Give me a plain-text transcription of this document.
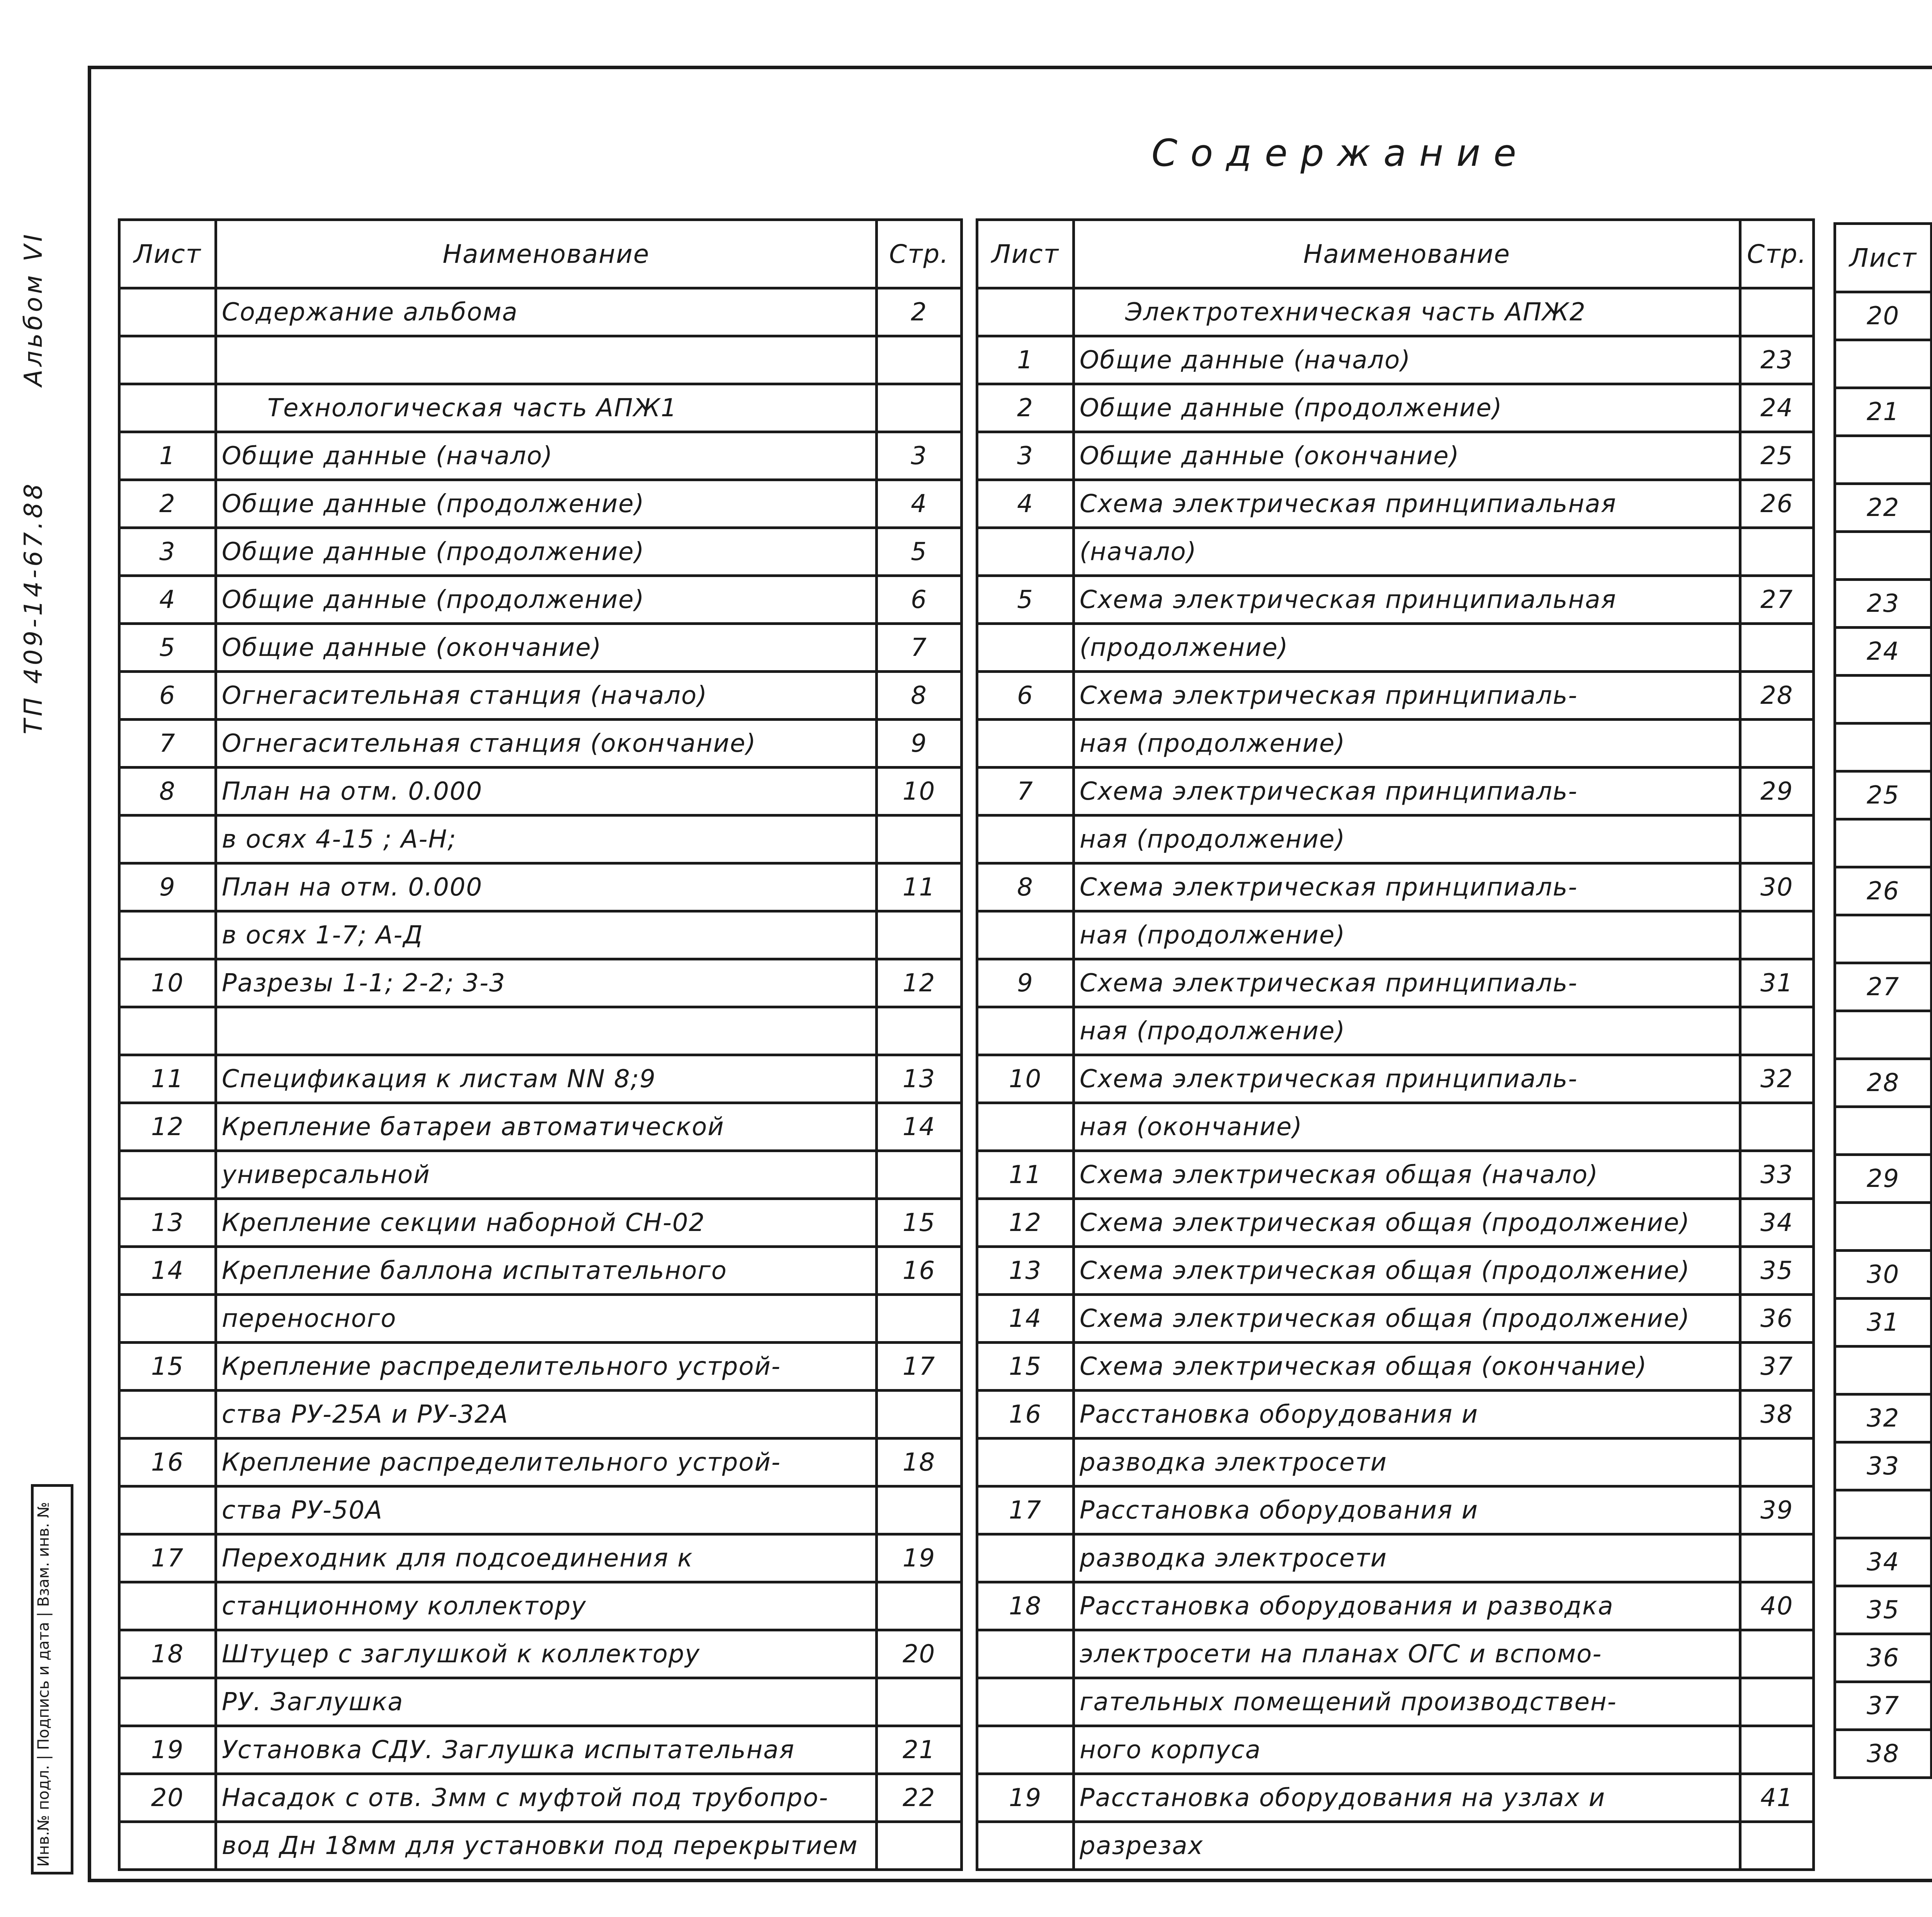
Содержание
Альбом VI
ТП 409-14-67.88
Инв.№ подл. | Подпись и дата | Взам. инв. №
Лист	Наименование	Стр.
	Содержание альбома	2

	Технологическая часть АПЖ1	
1	Общие данные (начало)	3
2	Общие данные (продолжение)	4
3	Общие данные (продолжение)	5
4	Общие данные (продолжение)	6
5	Общие данные (окончание)	7
6	Огнегасительная станция (начало)	8
7	Огнегасительная станция (окончание)	9
8	План на отм. 0.000	10
	в осях 4-15 ; А-Н;	
9	План на отм. 0.000	11
	в осях 1-7; А-Д	
10	Разрезы 1-1; 2-2; 3-3	12

11	Спецификация к листам NN 8;9	13
12	Крепление батареи автоматической	14
	универсальной	
13	Крепление секции наборной СН-02	15
14	Крепление баллона испытательного	16
	переносного	
15	Крепление распределительного устрой-	17
	ства РУ-25А и РУ-32А	
16	Крепление распределительного устрой-	18
	ства РУ-50А	
17	Переходник для подсоединения к	19
	станционному коллектору	
18	Штуцер с заглушкой к коллектору	20
	РУ. Заглушка	
19	Установка СДУ. Заглушка испытательная	21
20	Насадок с отв. 3мм с муфтой под трубопро-	22
	вод Дн 18мм для установки под перекрытием	
Лист	Наименование	Стр.
	Электротехническая часть АПЖ2	
1	Общие данные (начало)	23
2	Общие данные (продолжение)	24
3	Общие данные (окончание)	25
4	Схема электрическая принципиальная	26
	(начало)	
5	Схема электрическая принципиальная	27
	(продолжение)	
6	Схема электрическая принципиаль-	28
	ная (продолжение)	
7	Схема электрическая принципиаль-	29
	ная (продолжение)	
8	Схема электрическая принципиаль-	30
	ная (продолжение)	
9	Схема электрическая принципиаль-	31
	ная (продолжение)	
10	Схема электрическая принципиаль-	32
	ная (окончание)	
11	Схема электрическая общая (начало)	33
12	Схема электрическая общая (продолжение)	34
13	Схема электрическая общая (продолжение)	35
14	Схема электрическая общая (продолжение)	36
15	Схема электрическая общая (окончание)	37
16	Расстановка оборудования и	38
	разводка электросети	
17	Расстановка оборудования и	39
	разводка электросети	
18	Расстановка оборудования и разводка	40
	электросети на планах ОГС и вспомо-	
	гательных помещений производствен-	
	ного корпуса	
19	Расстановка оборудования на узлах и	41
	разрезах	
Лист		
20		

21		

22		

23		
24		

25		

26		

27		

28		

29		

30		
31		

32		
33		

34		
35		
36		
37		
38		
